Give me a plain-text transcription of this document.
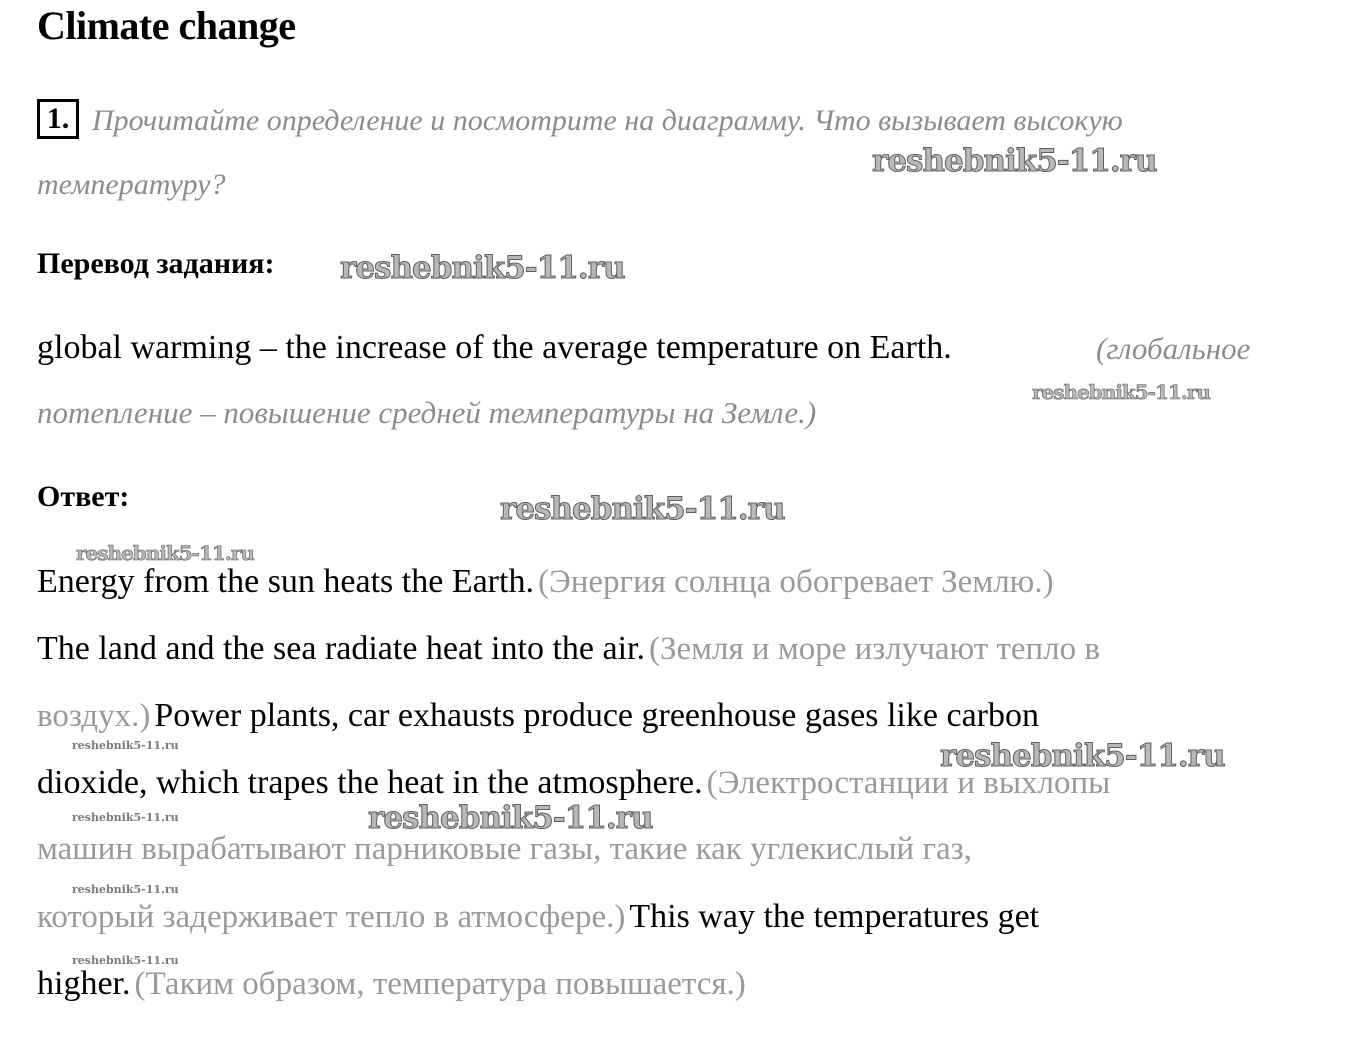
Climate change
1. Прочитайте определение и посмотрите на диаграмму. Что вызывает высокую
температуру?
Перевод задания:
global warming – the increase of the average temperature on Earth.	(глобальное
потепление – повышение средней температуры на Земле.)
Ответ:
Energy from the sun heats the Earth. (Энергия солнца обогревает Землю.)
The land and the sea radiate heat into the air. (Земля и море излучают тепло в
воздух.) Power plants, car exhausts produce greenhouse gases like carbon
dioxide, which trapes the heat in the atmosphere. (Электростанции и выхлопы
машин вырабатывают парниковые газы, такие как углекислый газ,
который задерживает тепло в атмосфере.) This way the temperatures get
higher. (Таким образом, температура повышается.)
reshebnik5-11.ru
reshebnik5-11.ru
reshebnik5-11.ru
reshebnik5-11.ru
reshebnik5-11.ru
reshebnik5-11.ru
reshebnik5-11.ru
reshebnik5-11.ru
reshebnik5-11.ru
reshebnik5-11.ru
reshebnik5-11.ru
